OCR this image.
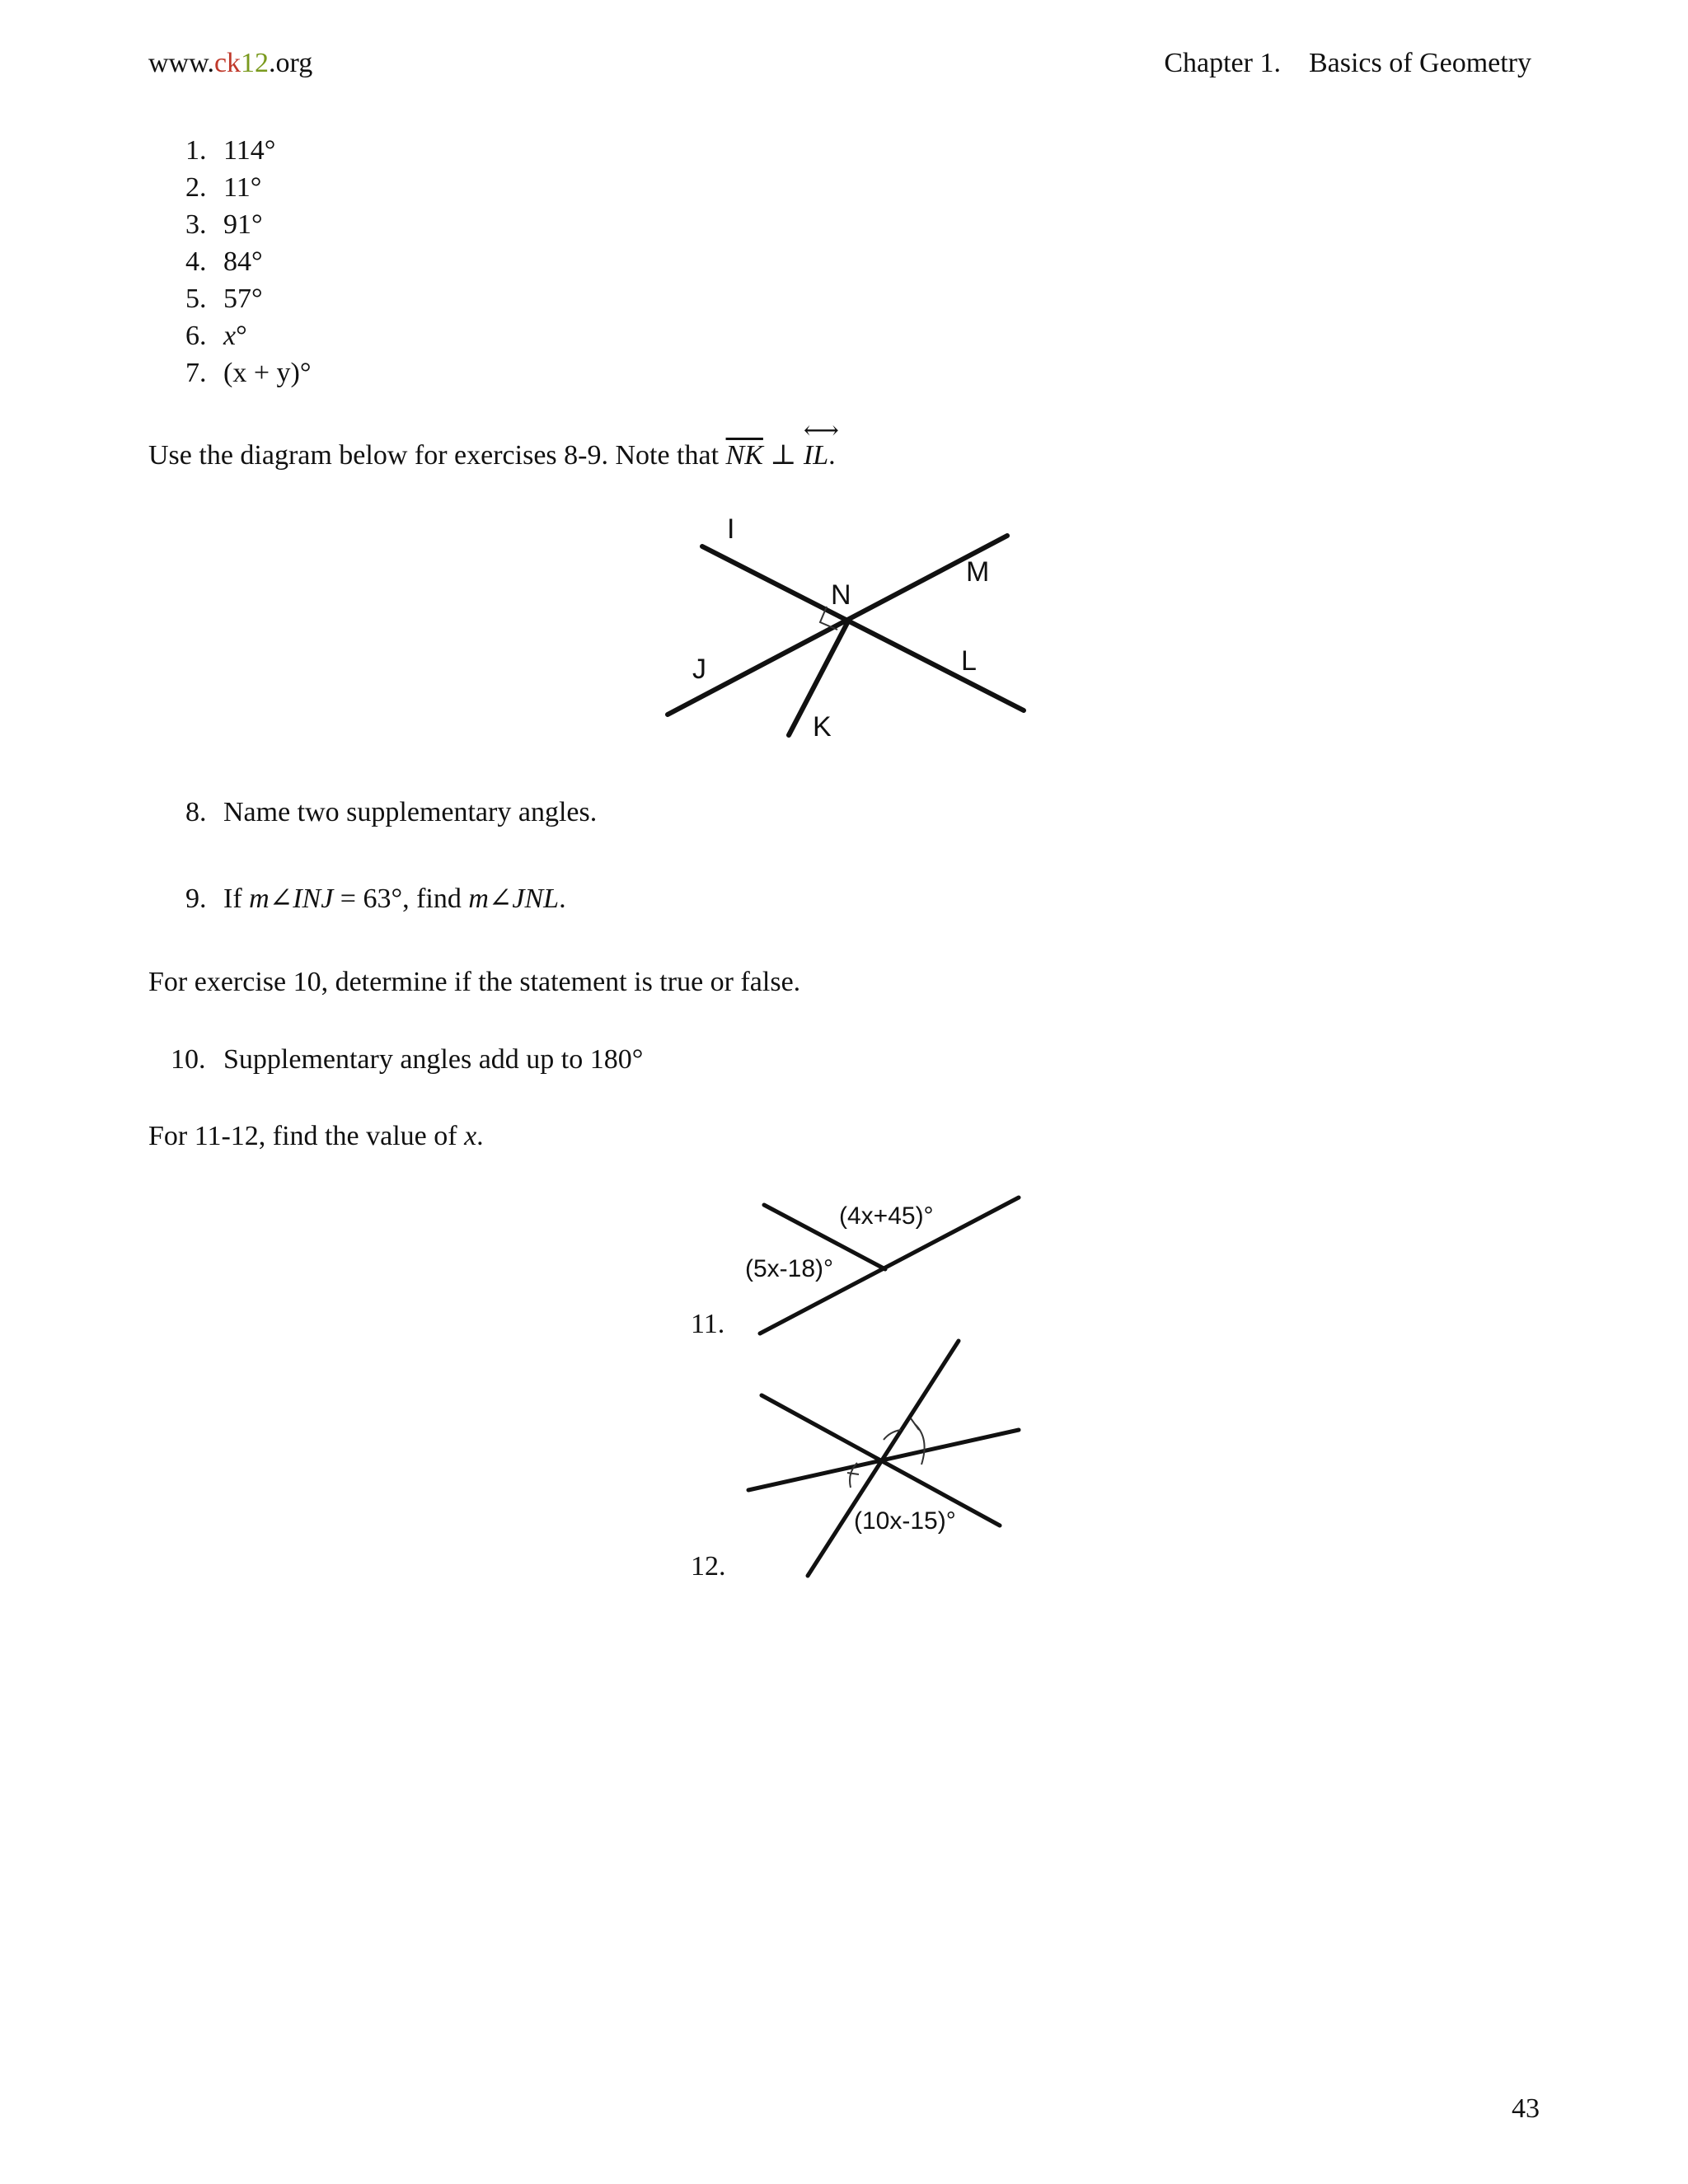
www.ck12.org	Chapter 1. Basics of Geometry
1. 114°
2. 11°
3. 91°
4. 84°
5. 57°
6. x°
7. (x + y)°
Use the diagram below for exercises 8-9. Note that $\overline{NK}$ ⊥
⟷
IL.
I
N
M
J	L
K
8. Name two supplementary angles.
9. If m∠INJ = 63°, find m∠JNL.
For exercise 10, determine if the statement is true or false.
10. Supplementary angles add up to 180°
For 11-12, find the value of x.
11.
(4x+45)°
(5x-18)°
12.
(10x-15)°
43
